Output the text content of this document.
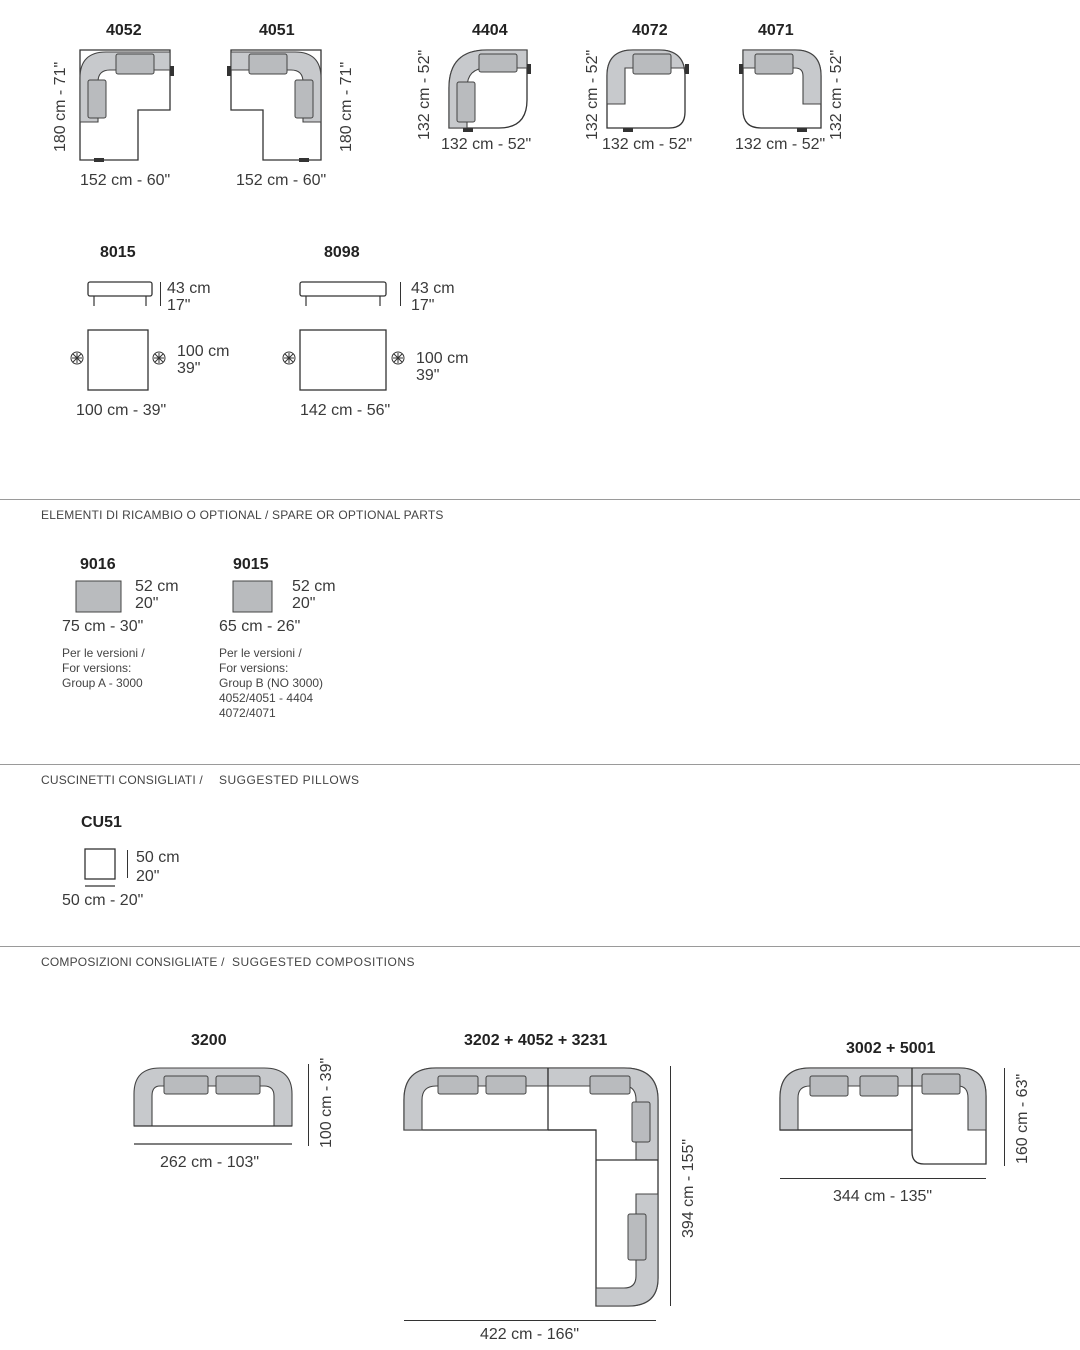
4052
180 cm - 71"
152 cm - 60"
4051
180 cm - 71"
152 cm - 60"
4404
132 cm - 52"
132 cm - 52"
4072
132 cm - 52"
132 cm - 52"
4071
132 cm - 52"
132 cm - 52"
8015
43 cm
17"
100 cm
39"
100 cm - 39"
8098
43 cm
17"
100 cm
39"
142 cm - 56"
ELEMENTI DI RICAMBIO O OPTIONAL / SPARE OR OPTIONAL PARTS
9016
52 cm
20"
75 cm - 30"
Per le versioni /
For versions:
Group A - 3000
9015
52 cm
20"
65 cm - 26"
Per le versioni /
For versions:
Group B (NO 3000)
4052/4051 - 4404
4072/4071
CUSCINETTI CONSIGLIATI / SUGGESTED PILLOWS
CU51
50 cm
20"
50 cm - 20"
COMPOSIZIONI CONSIGLIATE / SUGGESTED COMPOSITIONS
3200
100 cm - 39"
262 cm - 103"
3202 + 4052 + 3231
394 cm - 155"
422 cm - 166"
3002 + 5001
160 cm - 63"
344 cm - 135"
